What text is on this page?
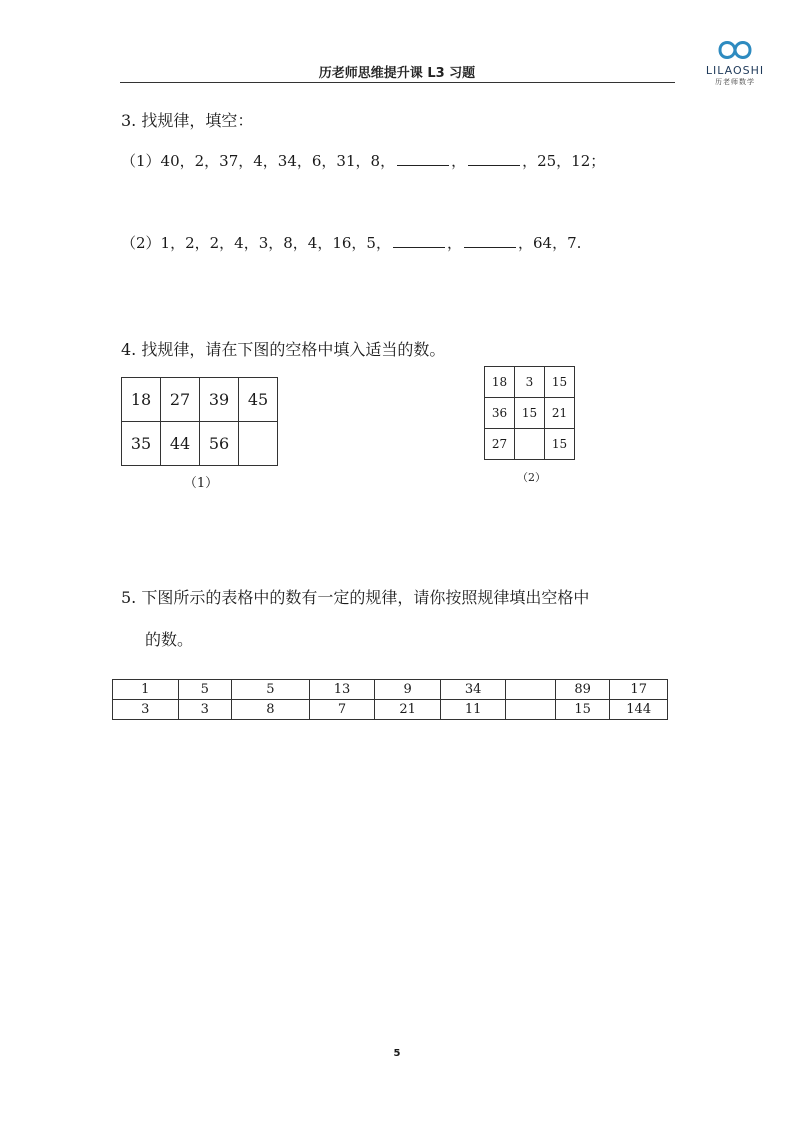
历老师思维提升课 L3 习题	LILAOSHI
历老师数学
3. 找规律，填空：
（1）40，2，37，4，34，6，31，8，	，	，25，12；
（2）1，2，2，4，3，8，4，16，5，	，	，64，7.
4. 找规律，请在下图的空格中填入适当的数。
18	27	39	45
35	44	56	
（1）
18	3	15
36	15	21
27		15
（2）
5. 下图所示的表格中的数有一定的规律，请你按照规律填出空格中
的数。
1	5	5	13	9	34		89	17
3	3	8	7	21	11		15	144
5
